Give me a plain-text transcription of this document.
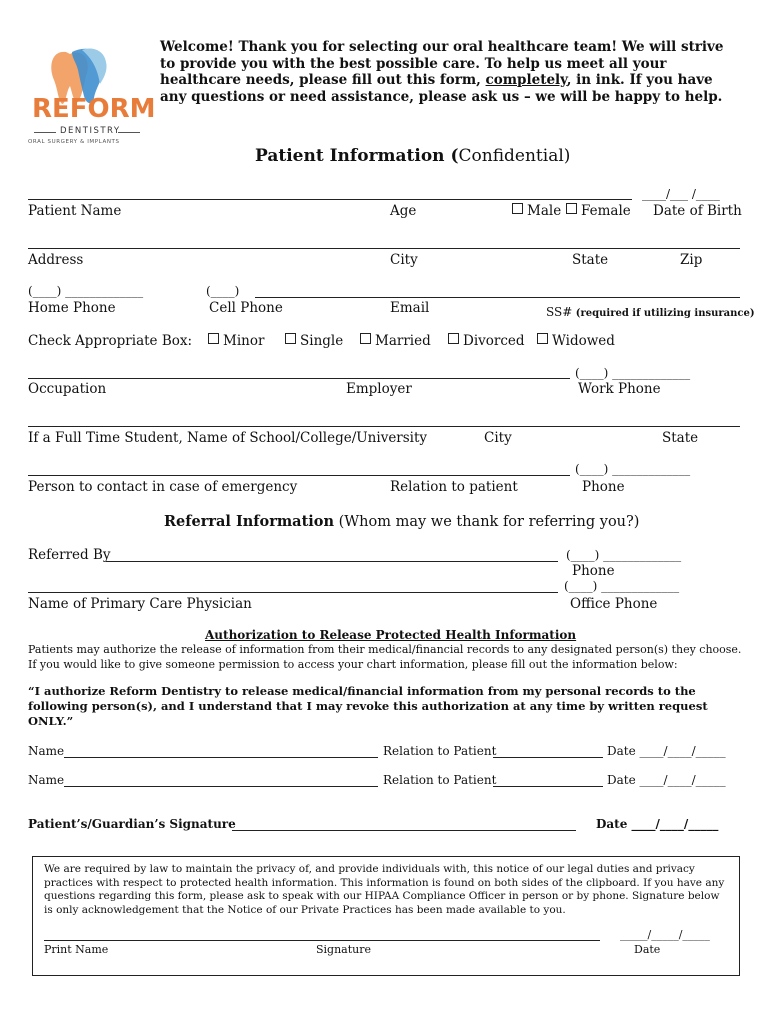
REFORM
DENTISTRY
ORAL SURGERY & IMPLANTS
Welcome! Thank you for selecting our oral healthcare team! We will strive to provide you with the best possible care. To help us meet all your healthcare needs, please fill out this form, completely, in ink. If you have any questions or need assistance, please ask us – we will be happy to help.
Patient Information (Confidential)
____/___ /____
Patient Name	Age	Male	Female Date of Birth
Address	City	State	Zip
(____) _____________	(____)
Home Phone	Cell Phone	Email	SS# (required if utilizing insurance)
Check Appropriate Box:	Minor	Single	Married	Divorced	Widowed
(____) _____________
Occupation	Employer	Work Phone
If a Full Time Student, Name of School/College/University	City	State
(____) _____________
Person to contact in case of emergency	Relation to patient	Phone
Referral Information (Whom may we thank for referring you?)
Referred By	(____) _____________
Phone
(____) _____________
Name of Primary Care Physician	Office Phone
Authorization to Release Protected Health Information
Patients may authorize the release of information from their medical/financial records to any designated person(s) they choose.
If you would like to give someone permission to access your chart information, please fill out the information below:
“I authorize Reform Dentistry to release medical/financial information from my personal records to the following person(s), and I understand that I may revoke this authorization at any time by written request ONLY.”
Name	Relation to Patient	Date ____/____/_____
Name	Relation to Patient	Date ____/____/_____
Patient’s/Guardian’s Signature	Date ____/____/_____
We are required by law to maintain the privacy of, and provide individuals with, this notice of our legal duties and privacy practices with respect to protected health information. This information is found on both sides of the clipboard. If you have any questions regarding this form, please ask to speak with our HIPAA Compliance Officer in person or by phone. Signature below is only acknowledgement that the Notice of our Private Practices has been made available to you.
_____/_____/_____
Print Name	Signature	Date
